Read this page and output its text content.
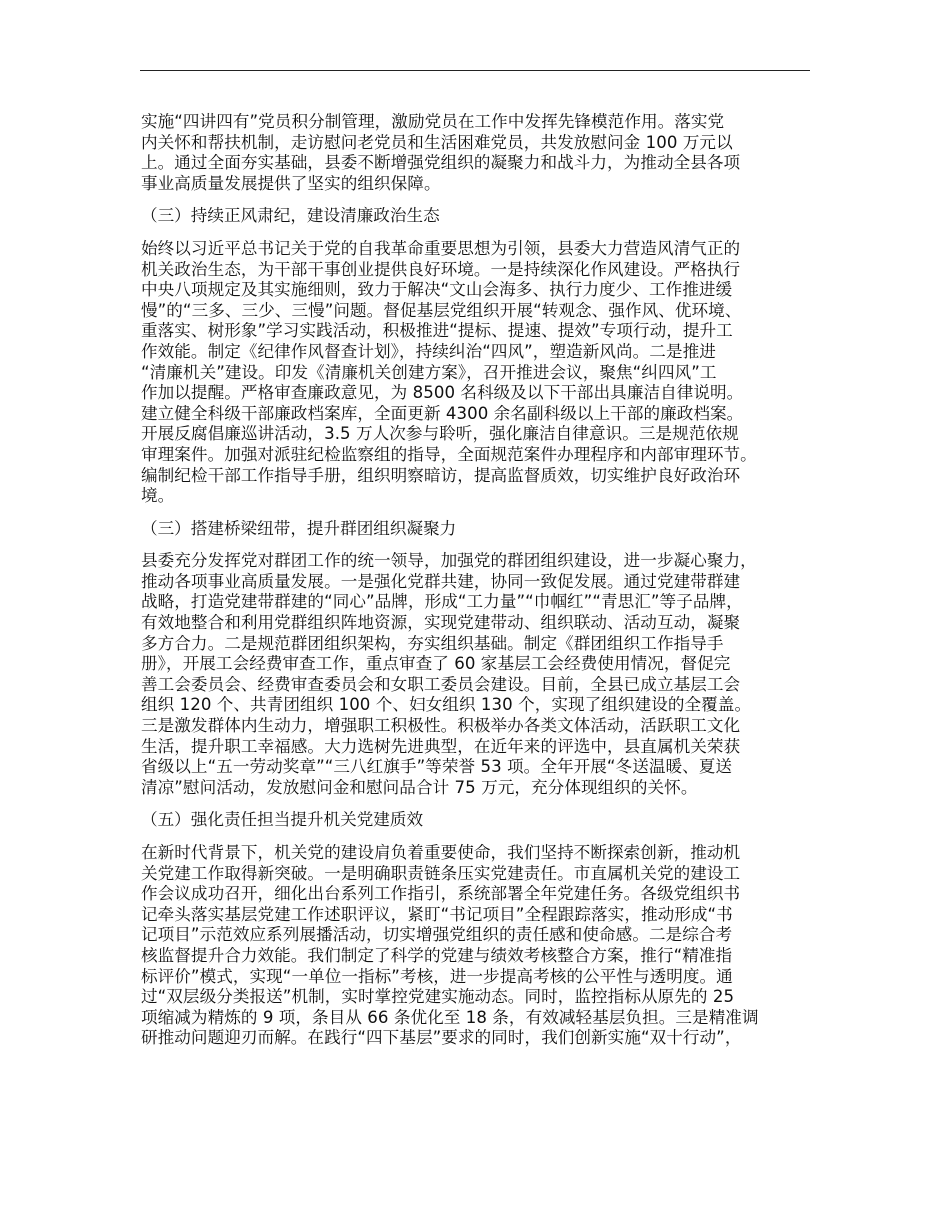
实施“四讲四有”党员积分制管理，激励党员在工作中发挥先锋模范作用。落实党
内关怀和帮扶机制，走访慰问老党员和生活困难党员，共发放慰问金 100 万元以
上。通过全面夯实基础，县委不断增强党组织的凝聚力和战斗力，为推动全县各项
事业高质量发展提供了坚实的组织保障。
（三）持续正风肃纪，建设清廉政治生态
始终以习近平总书记关于党的自我革命重要思想为引领，县委大力营造风清气正的
机关政治生态，为干部干事创业提供良好环境。一是持续深化作风建设。严格执行
中央八项规定及其实施细则，致力于解决“文山会海多、执行力度少、工作推进缓
慢”的“三多、三少、三慢”问题。督促基层党组织开展“转观念、强作风、优环境、
重落实、树形象”学习实践活动，积极推进“提标、提速、提效”专项行动，提升工
作效能。制定《纪律作风督查计划》，持续纠治“四风”，塑造新风尚。二是推进
“清廉机关”建设。印发《清廉机关创建方案》，召开推进会议，聚焦“纠四风”工
作加以提醒。严格审查廉政意见，为 8500 名科级及以下干部出具廉洁自律说明。
建立健全科级干部廉政档案库，全面更新 4300 余名副科级以上干部的廉政档案。
开展反腐倡廉巡讲活动，3.5 万人次参与聆听，强化廉洁自律意识。三是规范依规
审理案件。加强对派驻纪检监察组的指导，全面规范案件办理程序和内部审理环节。
编制纪检干部工作指导手册，组织明察暗访，提高监督质效，切实维护良好政治环
境。
（三）搭建桥梁纽带，提升群团组织凝聚力
县委充分发挥党对群团工作的统一领导，加强党的群团组织建设，进一步凝心聚力，
推动各项事业高质量发展。一是强化党群共建，协同一致促发展。通过党建带群建
战略，打造党建带群建的“同心”品牌，形成“工力量”“巾帼红”“青思汇”等子品牌，
有效地整合和利用党群组织阵地资源，实现党建带动、组织联动、活动互动，凝聚
多方合力。二是规范群团组织架构，夯实组织基础。制定《群团组织工作指导手
册》，开展工会经费审查工作，重点审查了 60 家基层工会经费使用情况，督促完
善工会委员会、经费审查委员会和女职工委员会建设。目前，全县已成立基层工会
组织 120 个、共青团组织 100 个、妇女组织 130 个，实现了组织建设的全覆盖。
三是激发群体内生动力，增强职工积极性。积极举办各类文体活动，活跃职工文化
生活，提升职工幸福感。大力选树先进典型，在近年来的评选中，县直属机关荣获
省级以上“五一劳动奖章”“三八红旗手”等荣誉 53 项。全年开展“冬送温暖、夏送
清凉”慰问活动，发放慰问金和慰问品合计 75 万元，充分体现组织的关怀。
（五）强化责任担当提升机关党建质效
在新时代背景下，机关党的建设肩负着重要使命，我们坚持不断探索创新，推动机
关党建工作取得新突破。一是明确职责链条压实党建责任。市直属机关党的建设工
作会议成功召开，细化出台系列工作指引，系统部署全年党建任务。各级党组织书
记牵头落实基层党建工作述职评议，紧盯“书记项目”全程跟踪落实，推动形成“书
记项目”示范效应系列展播活动，切实增强党组织的责任感和使命感。二是综合考
核监督提升合力效能。我们制定了科学的党建与绩效考核整合方案，推行“精准指
标评价”模式，实现“一单位一指标”考核，进一步提高考核的公平性与透明度。通
过“双层级分类报送”机制，实时掌控党建实施动态。同时，监控指标从原先的 25
项缩减为精炼的 9 项，条目从 66 条优化至 18 条，有效减轻基层负担。三是精准调
研推动问题迎刃而解。在践行“四下基层”要求的同时，我们创新实施“双十行动”，
